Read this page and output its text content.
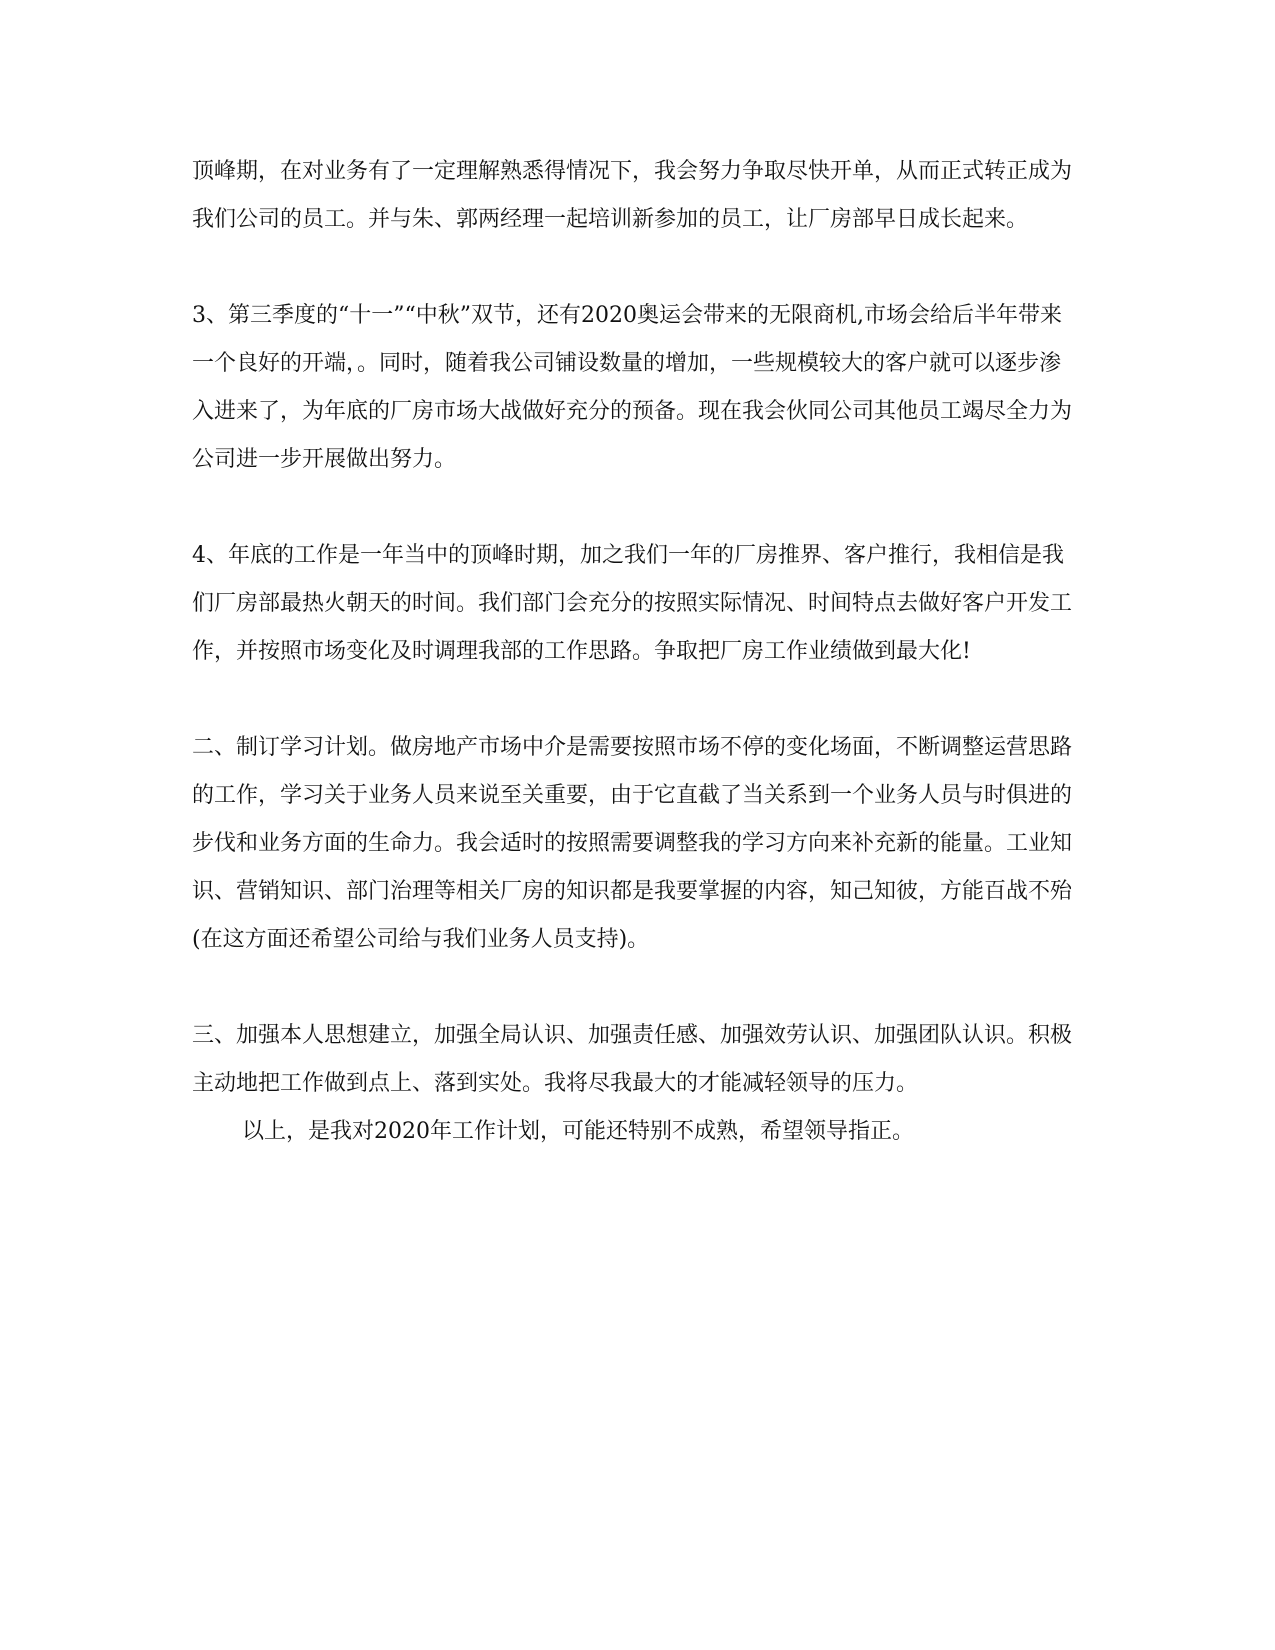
顶峰期，在对业务有了一定理解熟悉得情况下，我会努力争取尽快开单，从而正式转正成为我们公司的员工。并与朱、郭两经理一起培训新参加的员工，让厂房部早日成长起来。

3、第三季度的“十一”“中秋”双节，还有2020奥运会带来的无限商机,市场会给后半年带来一个良好的开端，。同时，随着我公司铺设数量的增加，一些规模较大的客户就可以逐步渗入进来了，为年底的厂房市场大战做好充分的预备。现在我会伙同公司其他员工竭尽全力为公司进一步开展做出努力。

4、年底的工作是一年当中的顶峰时期，加之我们一年的厂房推界、客户推行，我相信是我们厂房部最热火朝天的时间。我们部门会充分的按照实际情况、时间特点去做好客户开发工作，并按照市场变化及时调理我部的工作思路。争取把厂房工作业绩做到最大化!

二、制订学习计划。做房地产市场中介是需要按照市场不停的变化场面，不断调整运营思路的工作，学习关于业务人员来说至关重要，由于它直截了当关系到一个业务人员与时俱进的步伐和业务方面的生命力。我会适时的按照需要调整我的学习方向来补充新的能量。工业知识、营销知识、部门治理等相关厂房的知识都是我要掌握的内容，知己知彼，方能百战不殆(在这方面还希望公司给与我们业务人员支持)。

三、加强本人思想建立，加强全局认识、加强责任感、加强效劳认识、加强团队认识。积极主动地把工作做到点上、落到实处。我将尽我最大的才能减轻领导的压力。

以上，是我对2020年工作计划，可能还特别不成熟，希望领导指正。
